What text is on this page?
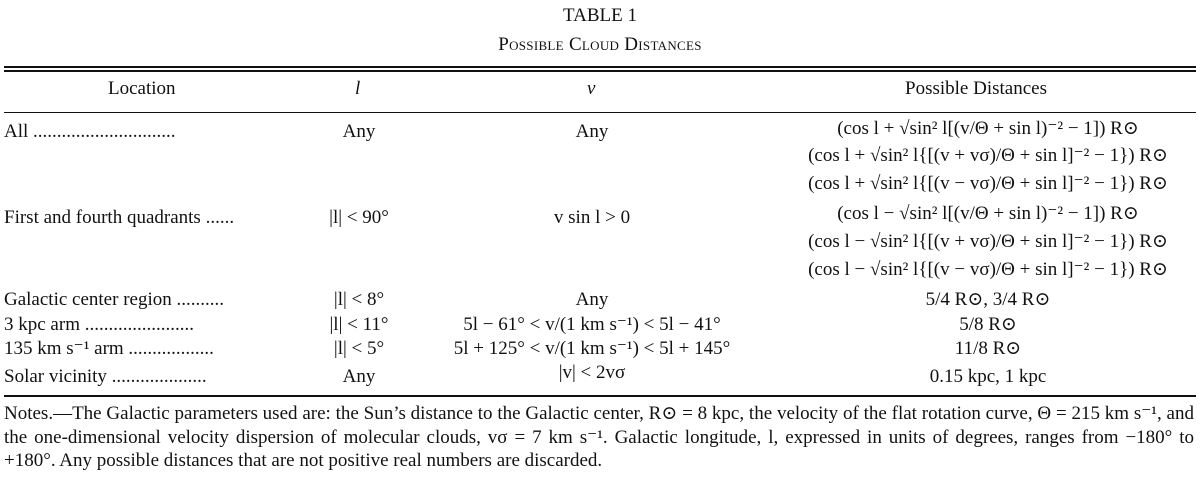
TABLE 1
Possible Cloud Distances
Location	l	v	Possible Distances
All ..............................	Any	Any	(cos l + √sin² l[(v/Θ + sin l)⁻² − 1]) R⊙
(cos l + √sin² l{[(v + vσ)/Θ + sin l]⁻² − 1}) R⊙
(cos l + √sin² l{[(v − vσ)/Θ + sin l]⁻² − 1}) R⊙
First and fourth quadrants ......	|l| < 90°	v sin l > 0	(cos l − √sin² l[(v/Θ + sin l)⁻² − 1]) R⊙
(cos l − √sin² l{[(v + vσ)/Θ + sin l]⁻² − 1}) R⊙
(cos l − √sin² l{[(v − vσ)/Θ + sin l]⁻² − 1}) R⊙
Galactic center region ..........	|l| < 8°	Any	5/4 R⊙, 3/4 R⊙
3 kpc arm .......................	|l| < 11°	5l − 61° < v/(1 km s⁻¹) < 5l − 41°	5/8 R⊙
135 km s⁻¹ arm ..................	|l| < 5°	5l + 125° < v/(1 km s⁻¹) < 5l + 145°	11/8 R⊙
Solar vicinity ....................	Any	|v| < 2vσ	0.15 kpc, 1 kpc
Notes.—The Galactic parameters used are: the Sun’s distance to the Galactic center, R⊙ = 8 kpc, the velocity of the flat rotation curve, Θ = 215 km s⁻¹, and the one-dimensional velocity dispersion of molecular clouds, vσ = 7 km s⁻¹. Galactic longitude, l, expressed in units of degrees, ranges from −180° to +180°. Any possible distances that are not positive real numbers are discarded.
